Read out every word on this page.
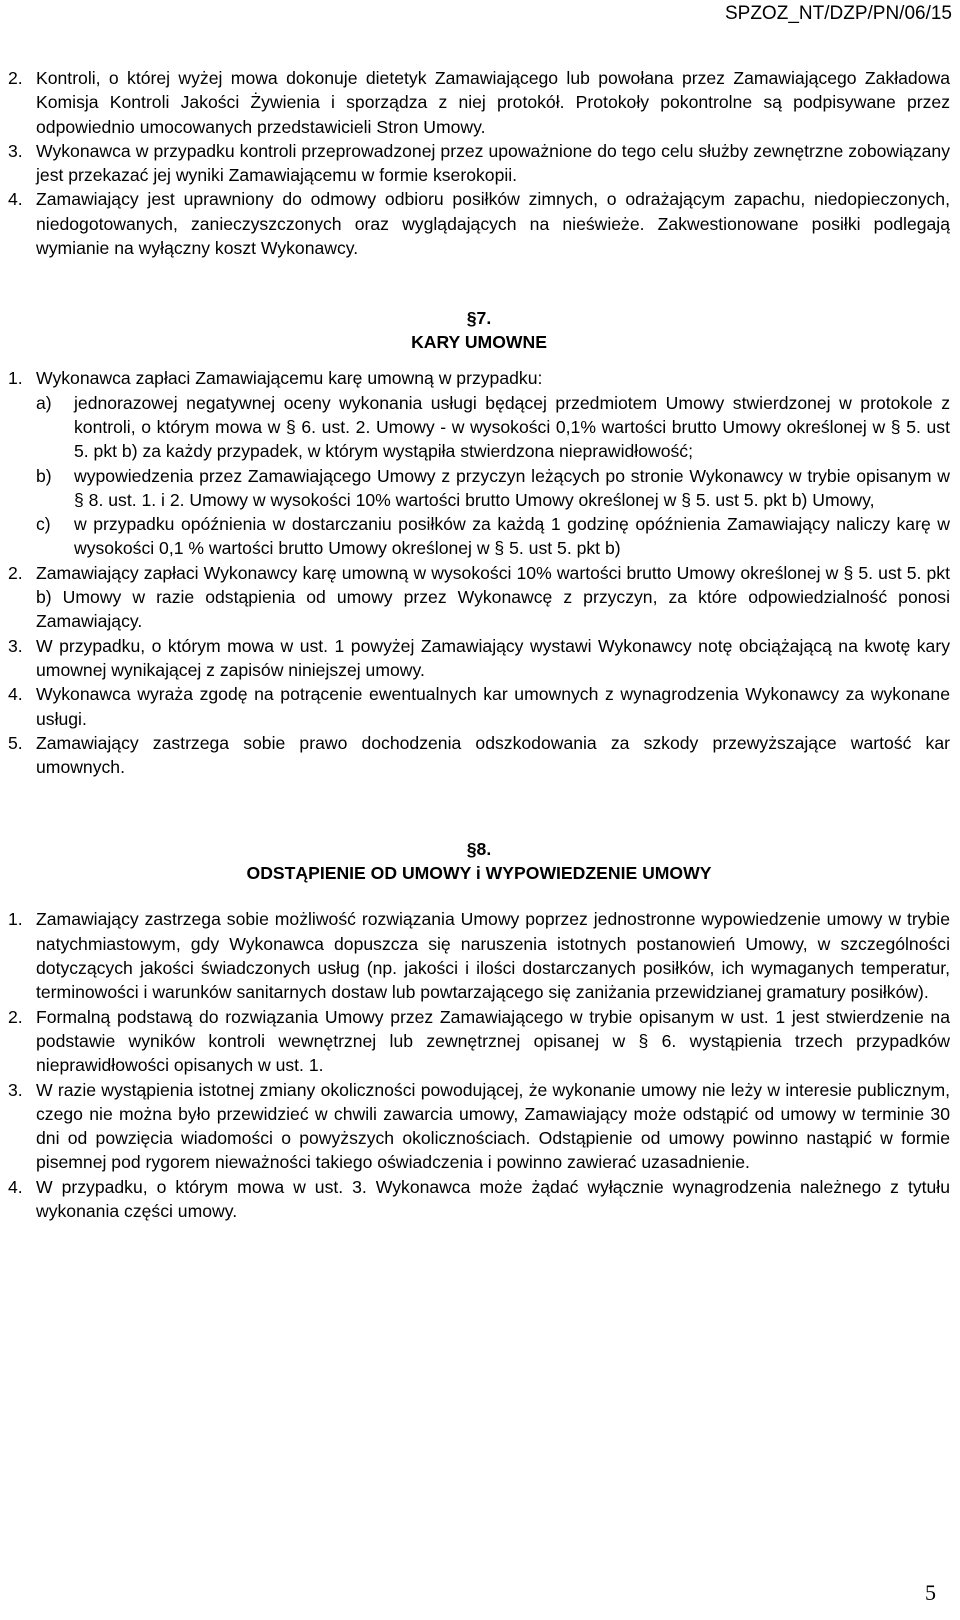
SPZOZ_NT/DZP/PN/06/15
2. Kontroli, o której wyżej mowa dokonuje dietetyk Zamawiającego lub powołana przez Zamawiającego Zakładowa Komisja Kontroli Jakości Żywienia i sporządza z niej protokół. Protokoły pokontrolne są podpisywane przez odpowiednio umocowanych przedstawicieli Stron Umowy.
3. Wykonawca w przypadku kontroli przeprowadzonej przez upoważnione do tego celu służby zewnętrzne zobowiązany jest przekazać jej wyniki Zamawiającemu w formie kserokopii.
4. Zamawiający jest uprawniony do odmowy odbioru posiłków zimnych, o odrażającym zapachu, niedopieczonych, niedogotowanych, zanieczyszczonych oraz wyglądających na nieświeże. Zakwestionowane posiłki podlegają wymianie na wyłączny koszt Wykonawcy.
§7.
KARY UMOWNE
1. Wykonawca zapłaci Zamawiającemu karę umowną w przypadku:
a)	jednorazowej negatywnej oceny wykonania usługi będącej przedmiotem Umowy stwierdzonej w protokole z kontroli, o którym mowa w § 6. ust. 2. Umowy - w wysokości 0,1% wartości brutto Umowy określonej w § 5. ust 5. pkt b) za każdy przypadek, w którym wystąpiła stwierdzona nieprawidłowość;
b)	wypowiedzenia przez Zamawiającego Umowy z przyczyn leżących po stronie Wykonawcy w trybie opisanym w § 8. ust. 1. i 2. Umowy w wysokości 10% wartości brutto Umowy określonej w § 5. ust 5. pkt b) Umowy,
c)	w przypadku opóźnienia w dostarczaniu posiłków za każdą 1 godzinę opóźnienia Zamawiający naliczy karę w wysokości 0,1 % wartości brutto Umowy określonej w § 5. ust 5. pkt b)
2. Zamawiający zapłaci Wykonawcy karę umowną w wysokości 10% wartości brutto Umowy określonej w § 5. ust 5. pkt b) Umowy w razie odstąpienia od umowy przez Wykonawcę z przyczyn, za które odpowiedzialność ponosi Zamawiający.
3. W przypadku, o którym mowa w ust. 1 powyżej Zamawiający wystawi Wykonawcy notę obciążającą na kwotę kary umownej wynikającej z zapisów niniejszej umowy.
4. Wykonawca wyraża zgodę na potrącenie ewentualnych kar umownych z wynagrodzenia Wykonawcy za wykonane usługi.
5. Zamawiający zastrzega sobie prawo dochodzenia odszkodowania za szkody przewyższające wartość kar umownych.
§8.
ODSTĄPIENIE OD UMOWY i WYPOWIEDZENIE UMOWY
1. Zamawiający zastrzega sobie możliwość rozwiązania Umowy poprzez jednostronne wypowiedzenie umowy w trybie natychmiastowym, gdy Wykonawca dopuszcza się naruszenia istotnych postanowień Umowy, w szczególności dotyczących jakości świadczonych usług (np. jakości i ilości dostarczanych posiłków, ich wymaganych temperatur, terminowości i warunków sanitarnych dostaw lub powtarzającego się zaniżania przewidzianej gramatury posiłków).
2. Formalną podstawą do rozwiązania Umowy przez Zamawiającego w trybie opisanym w ust. 1 jest stwierdzenie na podstawie wyników kontroli wewnętrznej lub zewnętrznej opisanej w § 6. wystąpienia trzech przypadków nieprawidłowości opisanych w ust. 1.
3. W razie wystąpienia istotnej zmiany okoliczności powodującej, że wykonanie umowy nie leży w interesie publicznym, czego nie można było przewidzieć w chwili zawarcia umowy, Zamawiający może odstąpić od umowy w terminie 30 dni od powzięcia wiadomości o powyższych okolicznościach. Odstąpienie od umowy powinno nastąpić w formie pisemnej pod rygorem nieważności takiego oświadczenia i powinno zawierać uzasadnienie.
4. W przypadku, o którym mowa w ust. 3. Wykonawca może żądać wyłącznie wynagrodzenia należnego z tytułu wykonania części umowy.
5
